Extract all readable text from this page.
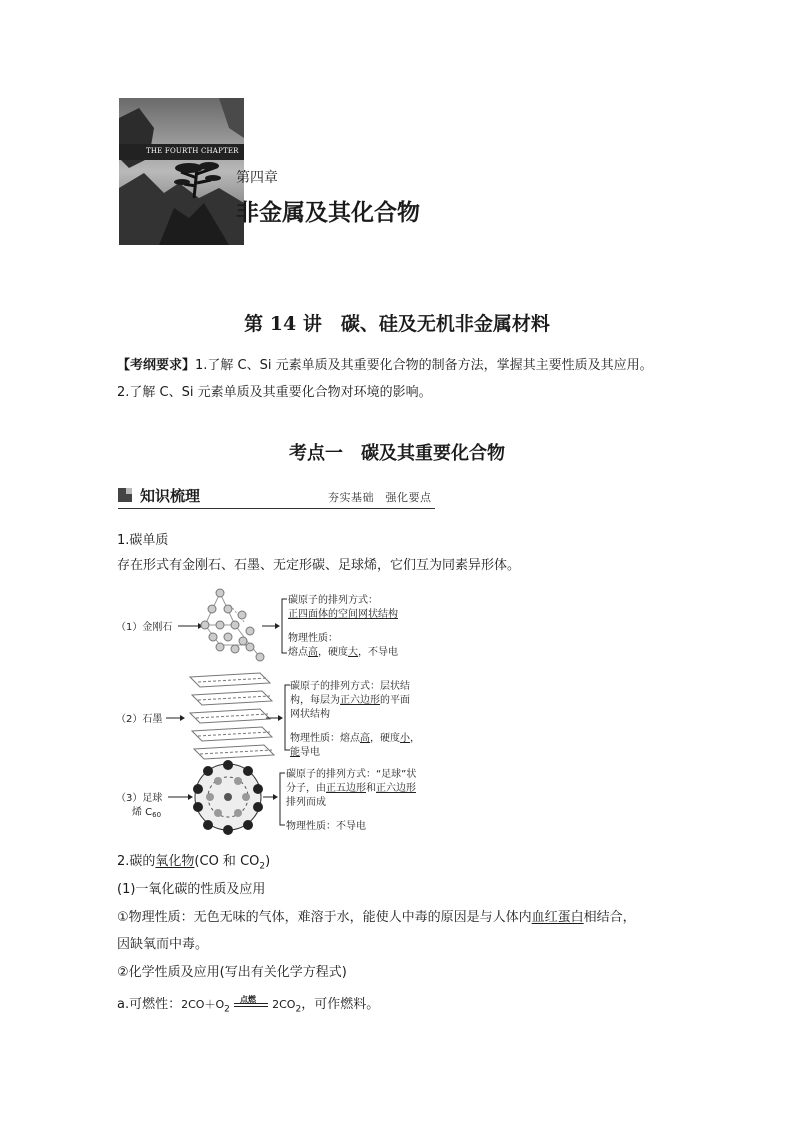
THE FOURTH CHAPTER
第四章
非金属及其化合物
第 14 讲　碳、硅及无机非金属材料
【考纲要求】1.了解 C、Si 元素单质及其重要化合物的制备方法，掌握其主要性质及其应用。
2.了解 C、Si 元素单质及其重要化合物对环境的影响。
考点一　碳及其重要化合物
知识梳理	夯实基础　强化要点
1.碳单质
存在形式有金刚石、石墨、无定形碳、足球烯，它们互为同素异形体。
（1）金刚石
碳原子的排列方式：
正四面体的空间网状结构
物理性质：
熔点高，硬度大，不导电
（2）石墨
碳原子的排列方式：层状结
构，每层为正六边形的平面
网状结构
物理性质：熔点高，硬度小，
能导电
（3）足球
烯 $C_{60}$
碳原子的排列方式：“足球”状
分子，由正五边形和正六边形
排列而成
物理性质：不导电
2.碳的氧化物(CO 和 $CO_2$)
(1)一氧化碳的性质及应用
①物理性质：无色无味的气体，难溶于水，能使人中毒的原因是与人体内血红蛋白相结合，
因缺氧而中毒。
②化学性质及应用(写出有关化学方程式)
a.可燃性：$2CO+O_2$
点燃 $2CO_2$，可作燃料。
